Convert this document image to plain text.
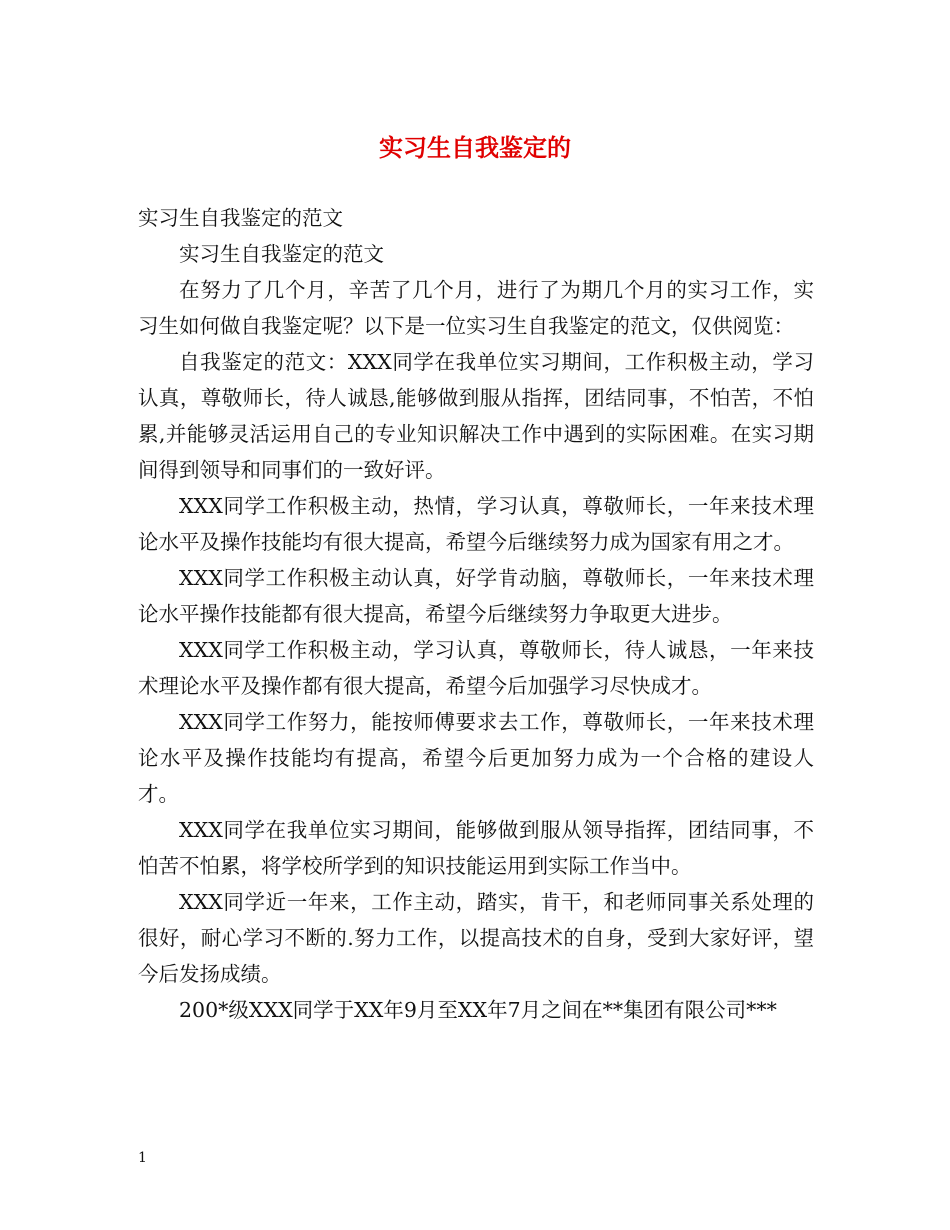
实习生自我鉴定的

实习生自我鉴定的范文

实习生自我鉴定的范文

在努力了几个月，辛苦了几个月，进行了为期几个月的实习工作，实习生如何做自我鉴定呢？以下是一位实习生自我鉴定的范文，仅供阅览：

自我鉴定的范文：XXX同学在我单位实习期间，工作积极主动，学习认真，尊敬师长，待人诚恳,能够做到服从指挥，团结同事，不怕苦，不怕累,并能够灵活运用自己的专业知识解决工作中遇到的实际困难。在实习期间得到领导和同事们的一致好评。

XXX同学工作积极主动，热情，学习认真，尊敬师长，一年来技术理论水平及操作技能均有很大提高，希望今后继续努力成为国家有用之才。

XXX同学工作积极主动认真，好学肯动脑，尊敬师长，一年来技术理论水平操作技能都有很大提高，希望今后继续努力争取更大进步。

XXX同学工作积极主动，学习认真，尊敬师长，待人诚恳，一年来技术理论水平及操作都有很大提高，希望今后加强学习尽快成才。

XXX同学工作努力，能按师傅要求去工作，尊敬师长，一年来技术理论水平及操作技能均有提高，希望今后更加努力成为一个合格的建设人才。

XXX同学在我单位实习期间，能够做到服从领导指挥，团结同事，不怕苦不怕累，将学校所学到的知识技能运用到实际工作当中。

XXX同学近一年来，工作主动，踏实，肯干，和老师同事关系处理的很好，耐心学习不断的.努力工作，以提高技术的自身，受到大家好评，望今后发扬成绩。

200*级XXX同学于XX年9月至XX年7月之间在**集团有限公司***

1
